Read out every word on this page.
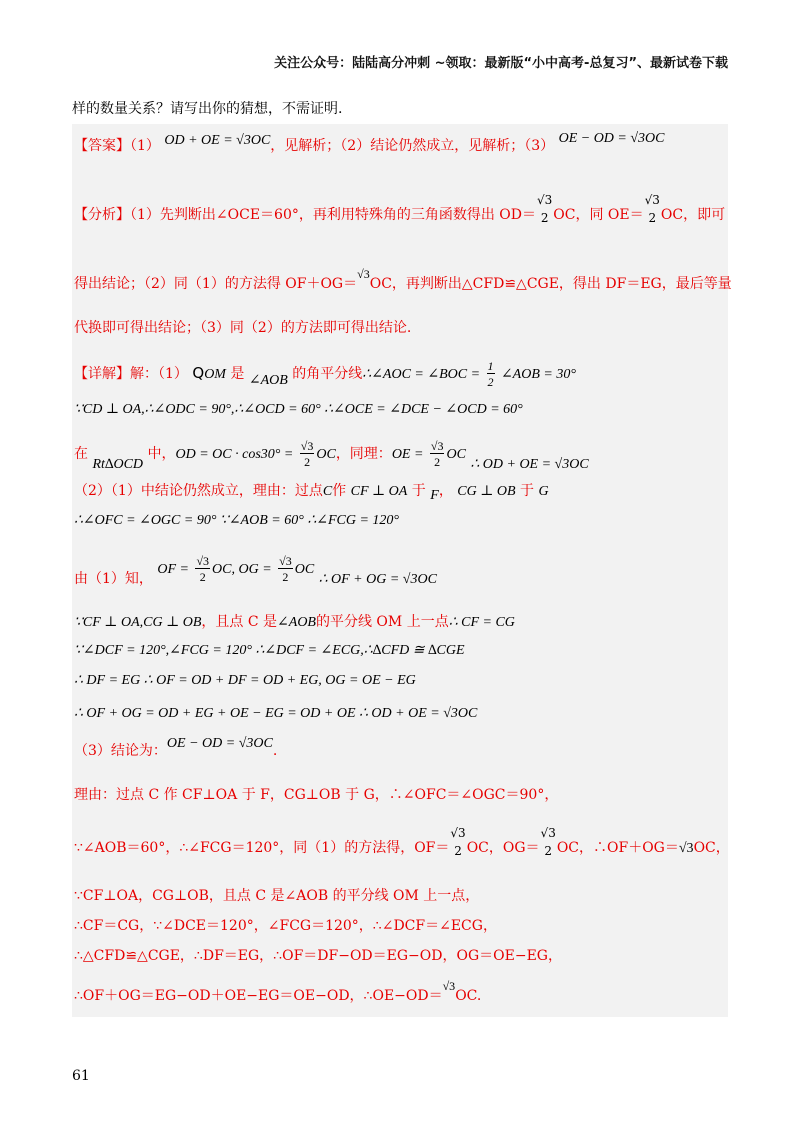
关注公众号：陆陆高分冲刺 ~领取：最新版“小中高考-总复习”、最新试卷下载
样的数量关系？请写出你的猜想，不需证明.
【答案】（1） OD + OE = √3OC，见解析；（2）结论仍然成立，见解析；（3） OE − OD = √3OC
【分析】（1）先判断出∠OCE＝60°，再利用特殊角的三角函数得出 OD＝
√3
2 OC，同 OE＝
√3
2 OC，即可
得出结论；（2）同（1）的方法得 OF＋OG＝√3OC，再判断出△CFD≌△CGE，得出 DF＝EG，最后等量
代换即可得出结论；（3）同（2）的方法即可得出结论.
【详解】解：（1） QOM 是 ∠AOB 的角平分线∴∠AOC = ∠BOC = $\frac{1}{2}$ ∠AOB = 30°
∵CD ⊥ OA,∴∠ODC = 90°,∴∠OCD = 60° ∴∠OCE = ∠DCE − ∠OCD = 60°
在 Rt∆OCD 中，OD = OC · $\cos 30^\circ = \frac{√3}{2}$ OC，同理：OE = $\frac{√3}{2}$ OC ∴ OD + OE = √3OC
（2）（1）中结论仍然成立，理由：过点C作 CF ⊥ OA 于 F， CG ⊥ OB 于 G
∴∠OFC = ∠OGC = 90° ∵∠AOB = 60° ∴∠FCG = 120°
由（1）知， OF = $\frac{√3}{2}$ OC, OG = $\frac{√3}{2}$ OC ∴ OF + OG = √3OC
∵CF ⊥ OA,CG ⊥ OB，且点 C 是∠AOB的平分线 OM 上一点∴ CF = CG
∵∠DCF = 120°,∠FCG = 120° ∴∠DCF = ∠ECG,∴∆CFD ≅ ∆CGE
∴ DF = EG ∴ OF = OD + DF = OD + EG, OG = OE − EG
∴ OF + OG = OD + EG + OE − EG = OD + OE ∴ OD + OE = √3OC
（3）结论为：OE − OD = √3OC.
理由：过点 C 作 CF⊥OA 于 F，CG⊥OB 于 G，∴∠OFC＝∠OGC＝90°，
∵∠AOB＝60°，∴∠FCG＝120°，同（1）的方法得，OF＝
√3
2 OC，OG＝
√3
2 OC，∴OF＋OG＝√3OC，
∵CF⊥OA，CG⊥OB，且点 C 是∠AOB 的平分线 OM 上一点，
∴CF＝CG，∵∠DCE＝120°，∠FCG＝120°，∴∠DCF＝∠ECG，
∴△CFD≌△CGE，∴DF＝EG，∴OF＝DF−OD＝EG−OD，OG＝OE−EG，
∴OF＋OG＝EG−OD＋OE−EG＝OE−OD，∴OE−OD＝√3OC.
61
